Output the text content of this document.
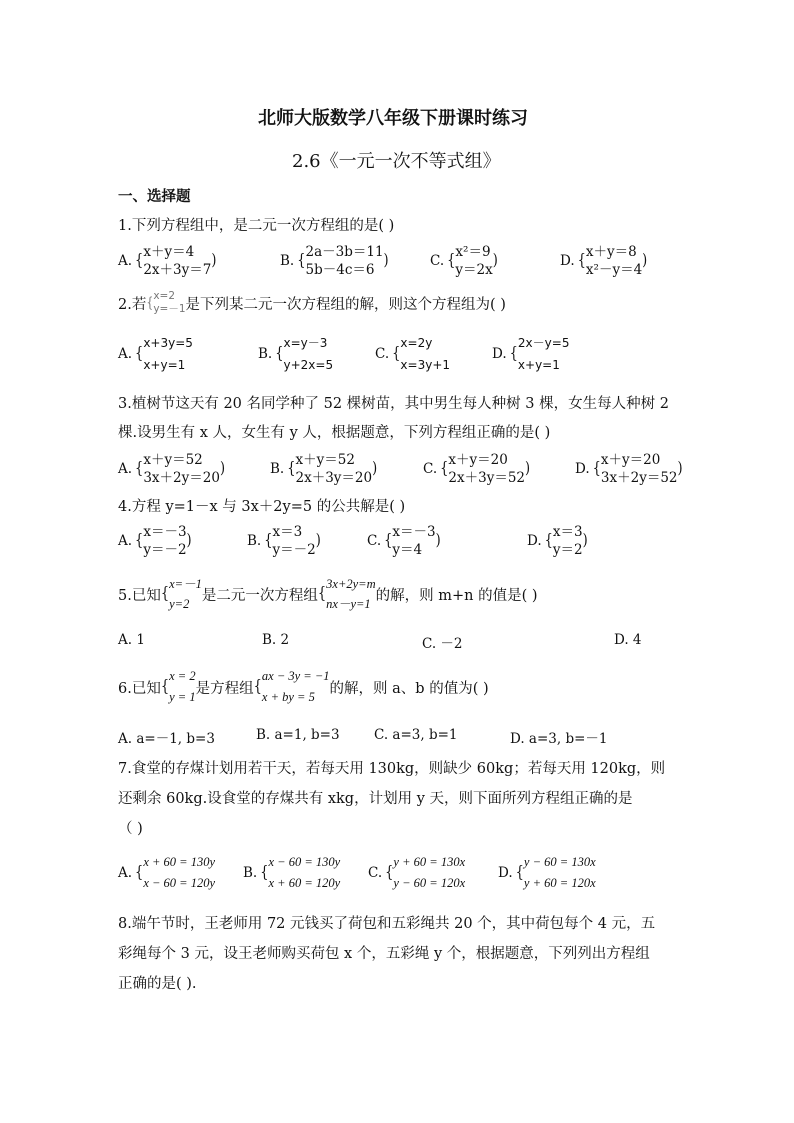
北师大版数学八年级下册课时练习
2.6《一元一次不等式组》
一、选择题
1.下列方程组中，是二元一次方程组的是( )
A. { x＋y＝4
2x＋3y＝7
)	B. { 2a－3b＝11
5b－4c＝6
)	C. { x²＝9
y＝2x
)	D. { x＋y＝8
x²－y＝4
)
2.若 { x=2
y=－1 是下列某二元一次方程组的解，则这个方程组为( )
A. {
x+3y=5
x+y=1
B. {
x=y－3
y+2x=5
C. {
x=2y
x=3y+1
D. {
2x－y=5
x+y=1
3.植树节这天有 20 名同学种了 52 棵树苗，其中男生每人种树 3 棵，女生每人种树 2
棵.设男生有 x 人，女生有 y 人，根据题意，下列方程组正确的是( )
A. { x＋y＝52
3x＋2y＝20
)	B. { x＋y＝52
2x＋3y＝20
)	C. { x＋y＝20
2x＋3y＝52
)	D. { x＋y＝20
3x＋2y＝52
)
4.方程 y=1－x 与 3x＋2y=5 的公共解是( )
A. { x＝－3
y＝－2
)	B. { x＝3
y＝－2
)	C. { x＝－3
y＝4
)	D. { x＝3
y＝2
)
5.已知 { x=－1
y=2
是二元一次方程组 { 3x+2y=m
nx－y=1
的解，则 m+n 的值是( )
A. 1	B. 2	C. －2	D. 4
6.已知 {
x = 2
y = 1
是方程组 {
ax − 3y = −1
x + by = 5
的解，则 a、b 的值为( )
A. a=－1, b=3	B. a=1, b=3	C. a=3, b=1	D. a=3, b=－1
7.食堂的存煤计划用若干天，若每天用 130kg，则缺少 60kg；若每天用 120kg，则
还剩余 60kg.设食堂的存煤共有 xkg，计划用 y 天，则下面所列方程组正确的是
（ )
A. {
x + 60 = 130y
x − 60 = 120y
B. {
x − 60 = 130y
x + 60 = 120y
C. {
y + 60 = 130x
y − 60 = 120x
D. {
y − 60 = 130x
y + 60 = 120x
8.端午节时，王老师用 72 元钱买了荷包和五彩绳共 20 个，其中荷包每个 4 元，五
彩绳每个 3 元，设王老师购买荷包 x 个，五彩绳 y 个，根据题意，下列列出方程组
正确的是( ).
